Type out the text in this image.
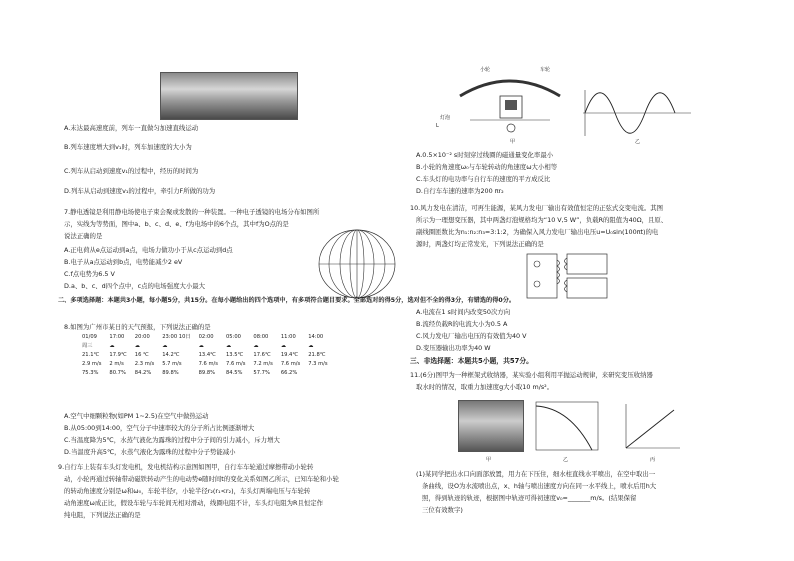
A.末达最高速度前，列车一直做匀加速直线运动
B.列车速度增大到v₁时，列车加速度的大小为
C.列车从启动到速度v₁的过程中，经历的时间为
D.列车从启动到速度v₁的过程中，牵引力F所做的功为
7.静电透镜是利用静电场使电子束会聚或发散的一种装置。一种电子透镜的电场分布如图所
示，实线为等势面，图中a、b、c、d、e、f为电场中的6个点，其中f为O点的是
说法正确的是
A.正电荷从e点运动到a点，电场力做功小于从c点运动到d点
B.电子从a点运动到b点，电势能减少2 eV
C.f点电势为6.5 V
D.a、b、c、d四个点中，c点的电场强度大小最大
二、多项选择题：本题共3小题，每小题5分，共15分。在每小题给出的四个选项中，有多项符合题目要求。全部选对的得5分，选对但不全的得3分，有错选的得0分。
8.如图为广州市某日的天气预报，下列说法正确的是
01/09	17:00	20:00	23:00 10日	02:00	05:00	08:00	11:00	14:00
周三	☁	☁	☁	☁	☁	☁	☁	☁
21.1℃	17.9℃	16 ℃	14.2℃	13.4℃	13.5℃	17.6℃	19.4℃	21.8℃
2.9 m/s	2 m/s	2.3 m/s	5.7 m/s	7.6 m/s	7.6 m/s	7.2 m/s	7.6 m/s	7.3 m/s
75.3%	80.7%	84.2%	89.8%	89.8%	84.5%	57.7%	66.2%	
A.空气中细颗粒物(如PM 1~2.5)在空气中做热运动
B.从05:00到14:00，空气分子中速率较大的分子所占比例逐渐增大
C.当温度降为5℃，水蒸气液化为露珠的过程中分子间的引力减小，斥力增大
D.当温度升高5℃，水蒸气液化为露珠的过程中分子势能减小
9.自行车上装有车头灯发电机，发电机结构示意图如图甲，自行车车轮通过摩擦带动小轮转
动，小轮再通过转轴带动磁铁转动产生的电动势e随时间t的变化关系如图乙所示，已知车轮和小轮
的转动角速度分别是ω和ω₀，车轮半径r，小轮半径r₂(r₁<r₂)，车头灯两端电压与车轮转
动角速度ω成正比，假设车轮与车轮间无相对滑动，线圈电阻不计，车头灯电阻为R且恒定作
纯电阻，下列说法正确的是
小轮	车轮
灯泡
L
甲	乙
A.0.5×10⁻² s时刻穿过线圈的磁通量变化率最小
B.小轮的角速度ω₀与车轮转动的角速度ω大小相等
C.车头灯的电功率与自行车的速度的平方成反比
D.自行车车速的速率为200 πr₂
10.风力发电在清洁，可再生能源，某风力发电厂输出有效值恒定的正弦式交变电流。其图
所示为一理想变压器，其中两盏灯泡规格均为“10 V,5 W”，负载R的阻值为40Ω，且原、
副线圈匝数比为n₁:n₂:n₃=3:1:2，为确保入风力发电厂输出电压u=U₀sin(100πt)的电
源时，两盏灯均正常发光，下列说法正确的是
A.电流在1 s时间内改变50次方向
B.流经负载R的电流大小为0.5 A
C.风力发电厂输出电压的有效值为40 V
D.变压器输出功率为40 W
三、非选择题：本题共5小题，共57分。
11.(6分)图甲为一种框架式收纳器，某实验小组利用平抛运动规律，来研究变压收纳器
取水时的情况，取重力加速度g大小取10 m/s²。
甲	乙	丙
(1)某同学把出水口向面部放置，用力在下压住，细水柱直线水平喷出，在空中取出一
条曲线，设O为水流喷出点，x、h轴与喷出速度方向在同一水平线上，喷水后用h大
照，得到轨迹的轨迹，根据图中轨迹可得初速度v₀=_______m/s。(结果保留
三位有效数字)
